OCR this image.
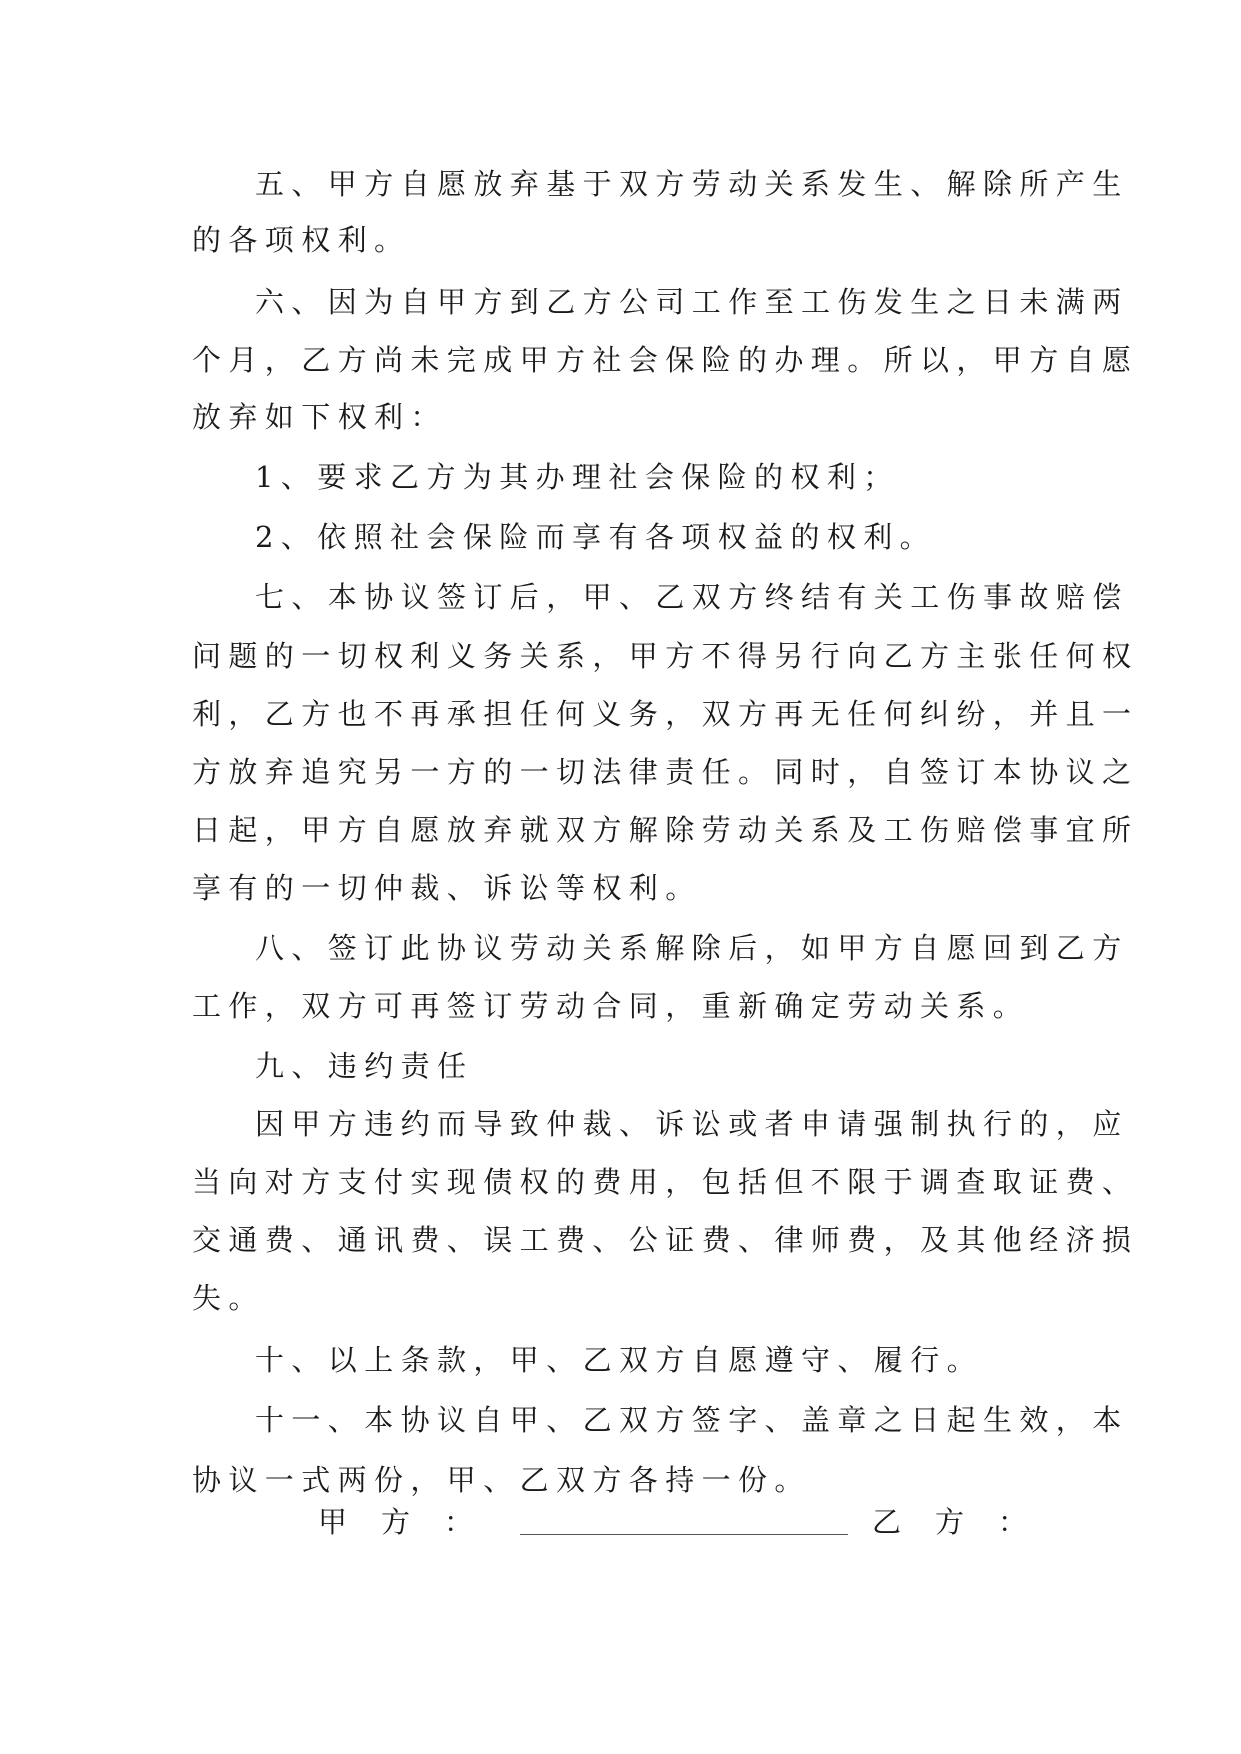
五、甲方自愿放弃基于双方劳动关系发生、解除所产生
的各项权利。
六、因为自甲方到乙方公司工作至工伤发生之日未满两
个月，乙方尚未完成甲方社会保险的办理。所以，甲方自愿
放弃如下权利：
1、要求乙方为其办理社会保险的权利；
2、依照社会保险而享有各项权益的权利。
七、本协议签订后，甲、乙双方终结有关工伤事故赔偿
问题的一切权利义务关系，甲方不得另行向乙方主张任何权
利，乙方也不再承担任何义务，双方再无任何纠纷，并且一
方放弃追究另一方的一切法律责任。同时，自签订本协议之
日起，甲方自愿放弃就双方解除劳动关系及工伤赔偿事宜所
享有的一切仲裁、诉讼等权利。
八、签订此协议劳动关系解除后，如甲方自愿回到乙方
工作，双方可再签订劳动合同，重新确定劳动关系。
九、违约责任
因甲方违约而导致仲裁、诉讼或者申请强制执行的，应
当向对方支付实现债权的费用，包括但不限于调查取证费、
交通费、通讯费、误工费、公证费、律师费，及其他经济损
失。
十、以上条款，甲、乙双方自愿遵守、履行。
十一、本协议自甲、乙双方签字、盖章之日起生效，本
协议一式两份，甲、乙双方各持一份。
甲方：	乙方：
